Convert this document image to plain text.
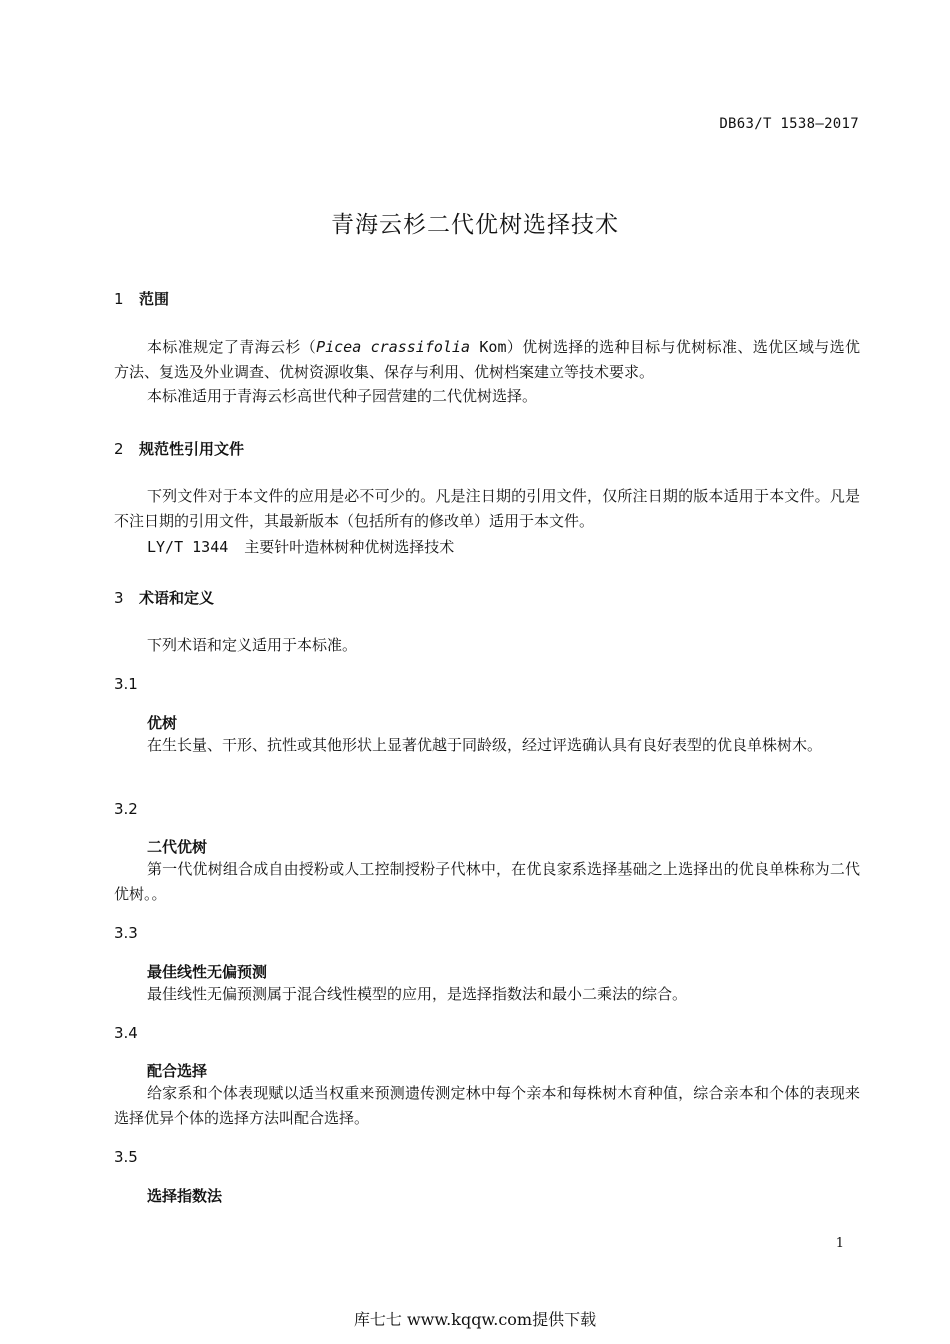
DB63/T 1538—2017
青海云杉二代优树选择技术
1 范围
本标准规定了青海云杉（Picea crassifolia Kom）优树选择的选种目标与优树标准、选优区域与选优方法、复选及外业调查、优树资源收集、保存与利用、优树档案建立等技术要求。
本标准适用于青海云杉高世代种子园营建的二代优树选择。
2 规范性引用文件
下列文件对于本文件的应用是必不可少的。凡是注日期的引用文件，仅所注日期的版本适用于本文件。凡是不注日期的引用文件，其最新版本（包括所有的修改单）适用于本文件。
LY/T 1344 主要针叶造林树种优树选择技术
3 术语和定义
下列术语和定义适用于本标准。
3.1
优树
在生长量、干形、抗性或其他形状上显著优越于同龄级，经过评选确认具有良好表型的优良单株树木。
3.2
二代优树
第一代优树组合成自由授粉或人工控制授粉子代林中，在优良家系选择基础之上选择出的优良单株称为二代优树。。
3.3
最佳线性无偏预测
最佳线性无偏预测属于混合线性模型的应用，是选择指数法和最小二乘法的综合。
3.4
配合选择
给家系和个体表现赋以适当权重来预测遗传测定林中每个亲本和每株树木育种值，综合亲本和个体的表现来选择优异个体的选择方法叫配合选择。
3.5
选择指数法
1
库七七 www.kqqw.com提供下载
